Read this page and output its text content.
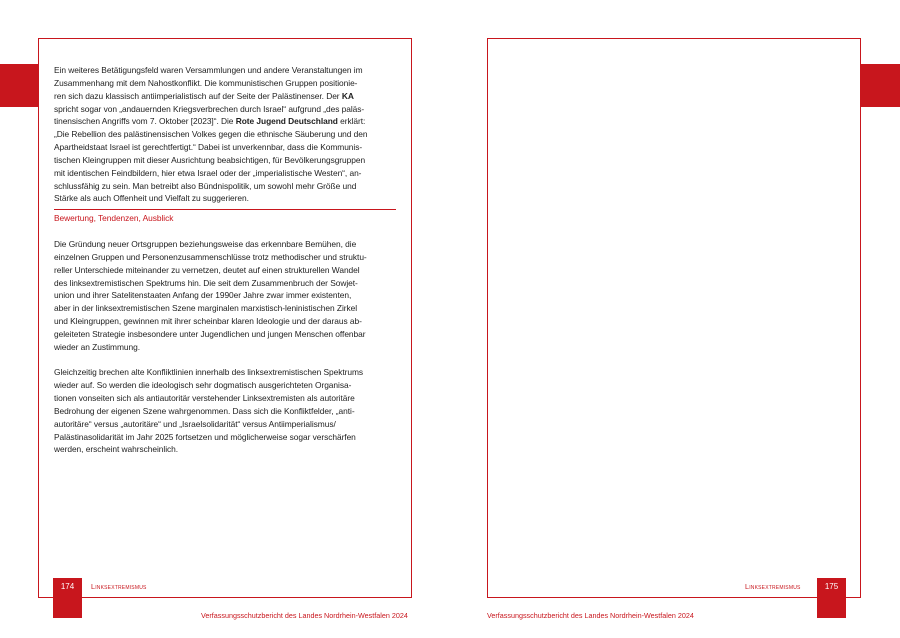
Ein weiteres Betätigungsfeld waren Versammlungen und andere Veranstaltungen im
Zusammenhang mit dem Nahostkonflikt. Die kommunistischen Gruppen positionie-
ren sich dazu klassisch antiimperialistisch auf der Seite der Palästinenser. Der KA
spricht sogar von „andauernden Kriegsverbrechen durch Israel“ aufgrund „des paläs-
tinensischen Angriffs vom 7. Oktober [2023]“. Die Rote Jugend Deutschland erklärt:
„Die Rebellion des palästinensischen Volkes gegen die ethnische Säuberung und den
Apartheidstaat Israel ist gerechtfertigt.“ Dabei ist unverkennbar, dass die Kommunis-
tischen Kleingruppen mit dieser Ausrichtung beabsichtigen, für Bevölkerungsgruppen
mit identischen Feindbildern, hier etwa Israel oder der „imperialistische Westen“, an-
schlussfähig zu sein. Man betreibt also Bündnispolitik, um sowohl mehr Größe und
Stärke als auch Offenheit und Vielfalt zu suggerieren.

Bewertung, Tendenzen, Ausblick

Die Gründung neuer Ortsgruppen beziehungsweise das erkennbare Bemühen, die
einzelnen Gruppen und Personenzusammenschlüsse trotz methodischer und struktu-
reller Unterschiede miteinander zu vernetzen, deutet auf einen strukturellen Wandel
des linksextremistischen Spektrums hin. Die seit dem Zusammenbruch der Sowjet-
union und ihrer Satelitenstaaten Anfang der 1990er Jahre zwar immer existenten,
aber in der linksextremistischen Szene marginalen marxistisch-leninistischen Zirkel
und Kleingruppen, gewinnen mit ihrer scheinbar klaren Ideologie und der daraus ab-
geleiteten Strategie insbesondere unter Jugendlichen und jungen Menschen offenbar
wieder an Zustimmung.

Gleichzeitig brechen alte Konfliktlinien innerhalb des linksextremistischen Spektrums
wieder auf. So werden die ideologisch sehr dogmatisch ausgerichteten Organisa-
tionen vonseiten sich als antiautoritär verstehender Linksextremisten als autoritäre
Bedrohung der eigenen Szene wahrgenommen. Dass sich die Konfliktfelder, „anti-
autoritäre“ versus „autoritäre“ und „Israelsolidarität“ versus Antiimperialismus/
Palästinasolidarität im Jahr 2025 fortsetzen und möglicherweise sogar verschärfen
werden, erscheint wahrscheinlich.

174	Linksextremismus
Verfassungsschutzbericht des Landes Nordrhein-Westfalen 2024
175
Linksextremismus
Verfassungsschutzbericht des Landes Nordrhein-Westfalen 2024
